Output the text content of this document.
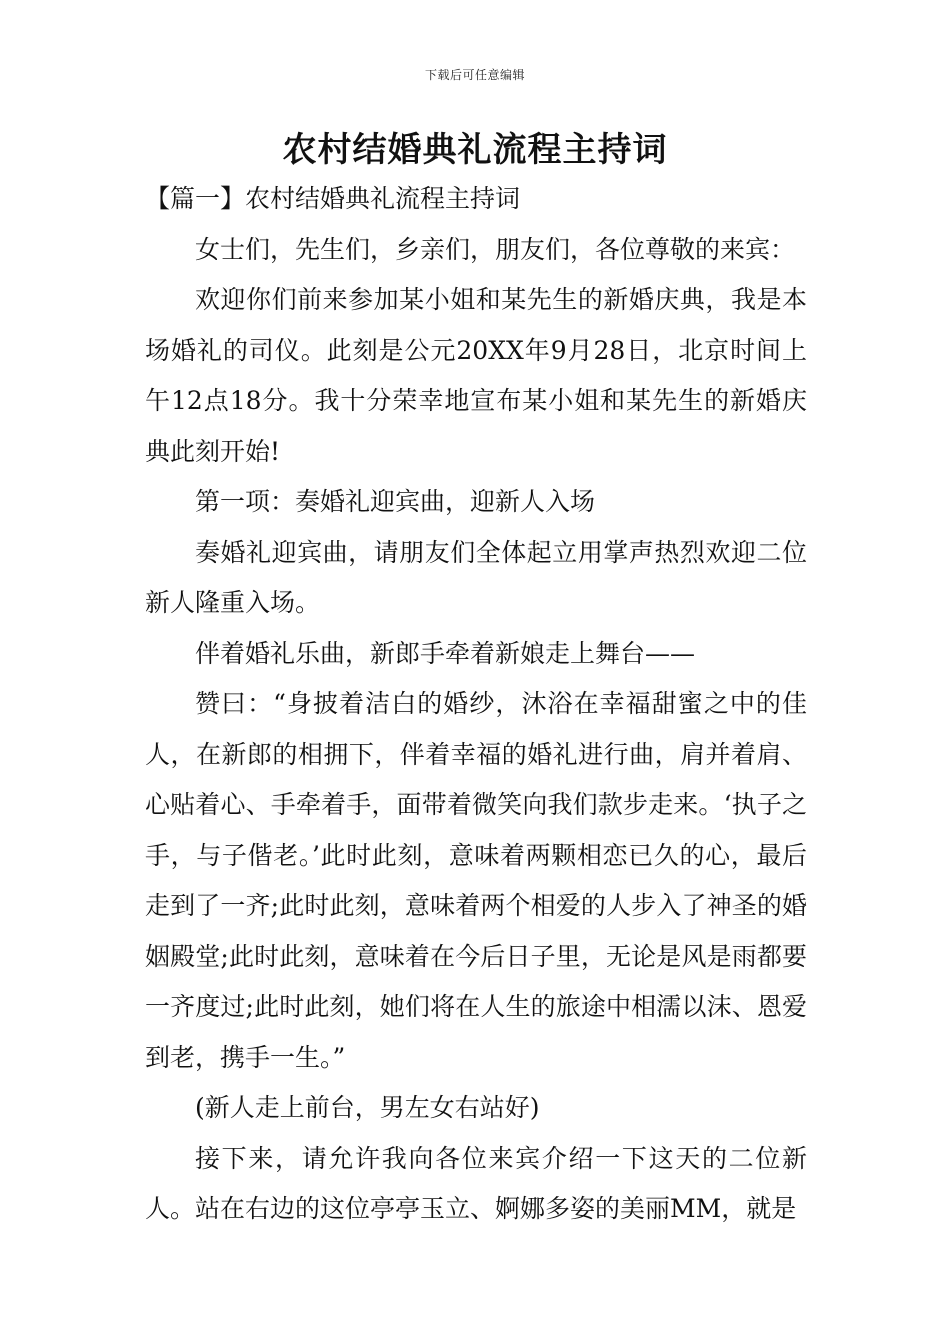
下载后可任意编辑
农村结婚典礼流程主持词

【篇一】农村结婚典礼流程主持词

女士们，先生们，乡亲们，朋友们，各位尊敬的来宾：

欢迎你们前来参加某小姐和某先生的新婚庆典，我是本场婚礼的司仪。此刻是公元20XX年9月28日，北京时间上午12点18分。我十分荣幸地宣布某小姐和某先生的新婚庆典此刻开始!

第一项：奏婚礼迎宾曲，迎新人入场

奏婚礼迎宾曲，请朋友们全体起立用掌声热烈欢迎二位新人隆重入场。

伴着婚礼乐曲，新郎手牵着新娘走上舞台——

赞曰：“身披着洁白的婚纱，沐浴在幸福甜蜜之中的佳人，在新郎的相拥下，伴着幸福的婚礼进行曲，肩并着肩、心贴着心、手牵着手，面带着微笑向我们款步走来。‘执子之手，与子偕老。’此时此刻，意味着两颗相恋已久的心，最后走到了一齐;此时此刻，意味着两个相爱的人步入了神圣的婚姻殿堂;此时此刻，意味着在今后日子里，无论是风是雨都要一齐度过;此时此刻，她们将在人生的旅途中相濡以沫、恩爱到老，携手一生。”

(新人走上前台，男左女右站好)

接下来，请允许我向各位来宾介绍一下这天的二位新人。站在右边的这位亭亭玉立、婀娜多姿的美丽MM，就是
